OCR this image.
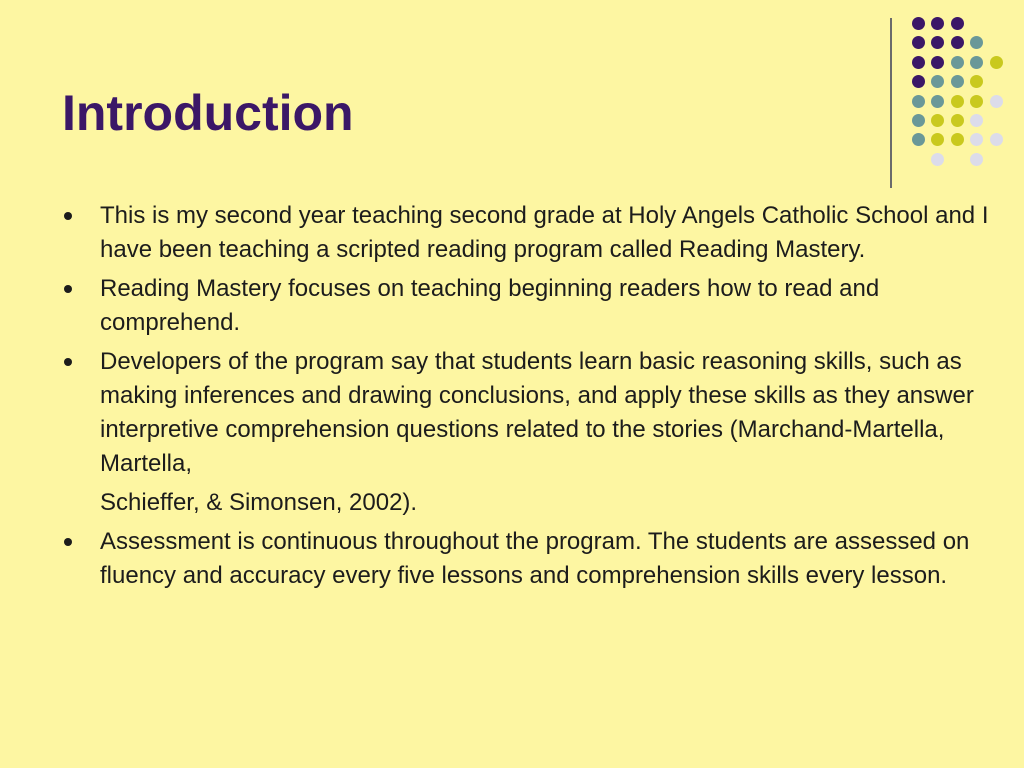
Introduction
This is my second year teaching second grade at Holy Angels Catholic School and I have been teaching a scripted reading program called Reading Mastery.
Reading Mastery focuses on teaching beginning readers how to read and comprehend.
Developers of the program say that students learn basic reasoning skills, such as making inferences and drawing conclusions, and apply these skills as they answer interpretive comprehension questions related to the stories (Marchand-Martella, Martella,
Schieffer, & Simonsen, 2002).
Assessment is continuous throughout the program. The students are assessed on fluency and accuracy every five lessons and comprehension skills every lesson.
